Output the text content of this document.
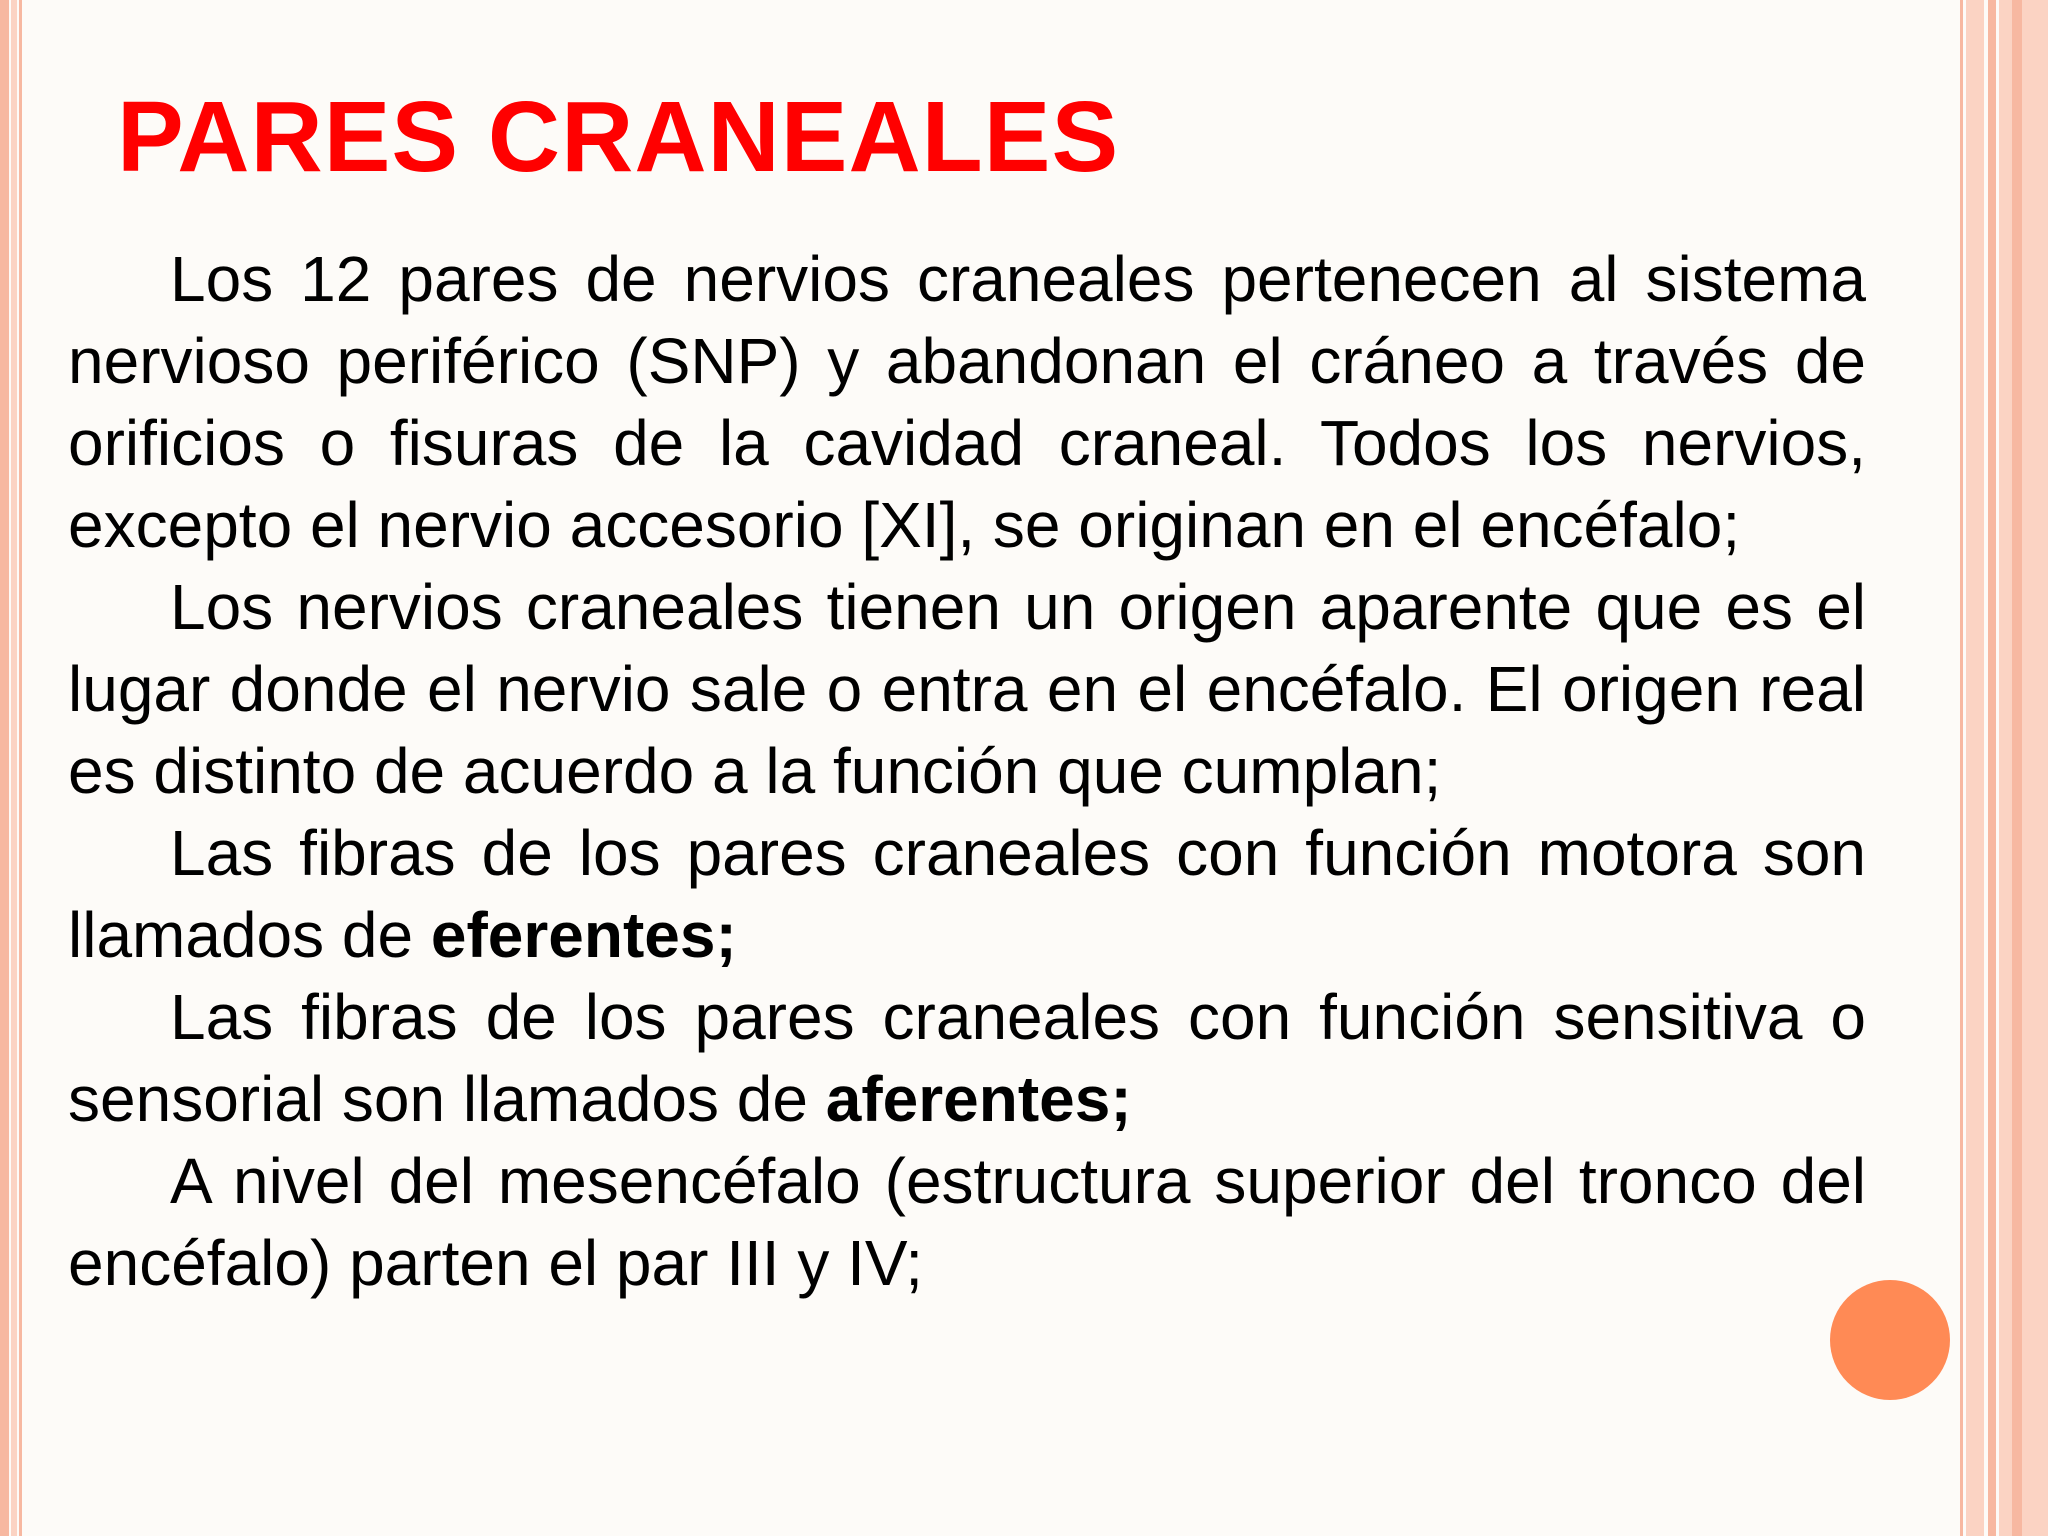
PARES CRANEALES

Los 12 pares de nervios craneales pertenecen al sistema nervioso periférico (SNP) y abandonan el cráneo a través de orificios o fisuras de la cavidad craneal. Todos los nervios, excepto el nervio accesorio [XI], se originan en el encéfalo;

Los nervios craneales tienen un origen aparente que es el lugar donde el nervio sale o entra en el encéfalo. El origen real es distinto de acuerdo a la función que cumplan;

Las fibras de los pares craneales con función motora son llamados de eferentes;

Las fibras de los pares craneales con función sensitiva o sensorial son llamados de aferentes;

A nivel del mesencéfalo (estructura superior del tronco del encéfalo) parten el par III y IV;
